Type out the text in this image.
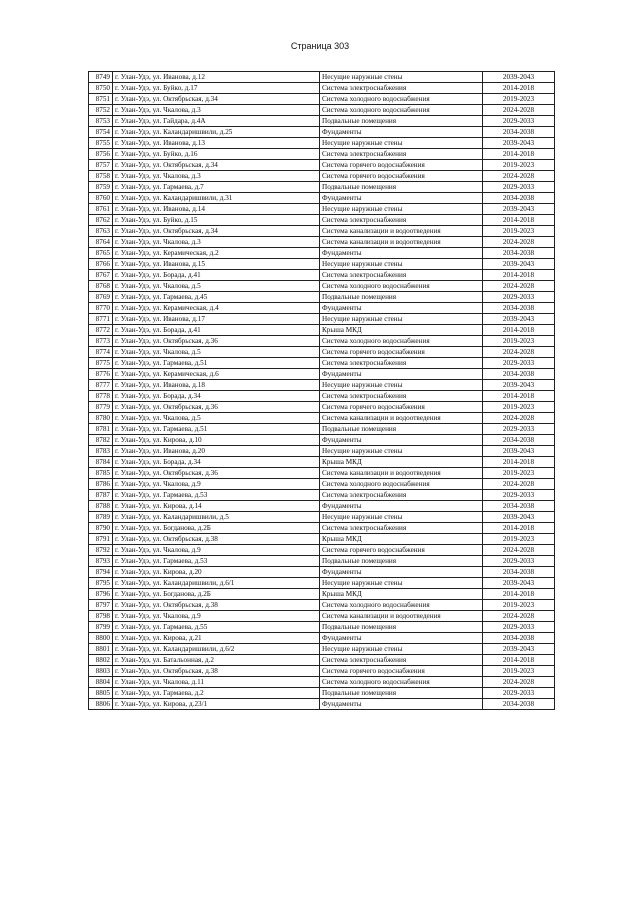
Страница 303
8749	г. Улан-Удэ, ул. Иванова, д.12	Несущие наружные стены	2039-2043
8750	г. Улан-Удэ, ул. Буйко, д.17	Система электроснабжения	2014-2018
8751	г. Улан-Удэ, ул. Октябрьская, д.34	Система холодного водоснабжения	2019-2023
8752	г. Улан-Удэ, ул. Чкалова, д.3	Система холодного водоснабжения	2024-2028
8753	г. Улан-Удэ, ул. Гайдара, д.4А	Подвальные помещения	2029-2033
8754	г. Улан-Удэ, ул. Каландаришвили, д.25	Фундаменты	2034-2038
8755	г. Улан-Удэ, ул. Иванова, д.13	Несущие наружные стены	2039-2043
8756	г. Улан-Удэ, ул. Буйко, д.16	Система электроснабжения	2014-2018
8757	г. Улан-Удэ, ул. Октябрьская, д.34	Система горячего водоснабжения	2019-2023
8758	г. Улан-Удэ, ул. Чкалова, д.3	Система горячего водоснабжения	2024-2028
8759	г. Улан-Удэ, ул. Гармаева, д.7	Подвальные помещения	2029-2033
8760	г. Улан-Удэ, ул. Каландаришвили, д.31	Фундаменты	2034-2038
8761	г. Улан-Удэ, ул. Иванова, д.14	Несущие наружные стены	2039-2043
8762	г. Улан-Удэ, ул. Буйко, д.15	Система электроснабжения	2014-2018
8763	г. Улан-Удэ, ул. Октябрьская, д.34	Система канализации и водоотведения	2019-2023
8764	г. Улан-Удэ, ул. Чкалова, д.3	Система канализации и водоотведения	2024-2028
8765	г. Улан-Удэ, ул. Керамическая, д.2	Фундаменты	2034-2038
8766	г. Улан-Удэ, ул. Иванова, д.15	Несущие наружные стены	2039-2043
8767	г. Улан-Удэ, ул. Борада, д.41	Система электроснабжения	2014-2018
8768	г. Улан-Удэ, ул. Чкалова, д.5	Система холодного водоснабжения	2024-2028
8769	г. Улан-Удэ, ул. Гармаева, д.45	Подвальные помещения	2029-2033
8770	г. Улан-Удэ, ул. Керамическая, д.4	Фундаменты	2034-2038
8771	г. Улан-Удэ, ул. Иванова, д.17	Несущие наружные стены	2039-2043
8772	г. Улан-Удэ, ул. Борада, д.41	Крыша МКД	2014-2018
8773	г. Улан-Удэ, ул. Октябрьская, д.36	Система холодного водоснабжения	2019-2023
8774	г. Улан-Удэ, ул. Чкалова, д.5	Система горячего водоснабжения	2024-2028
8775	г. Улан-Удэ, ул. Гармаева, д.51	Система электроснабжения	2029-2033
8776	г. Улан-Удэ, ул. Керамическая, д.6	Фундаменты	2034-2038
8777	г. Улан-Удэ, ул. Иванова, д.18	Несущие наружные стены	2039-2043
8778	г. Улан-Удэ, ул. Борада, д.34	Система электроснабжения	2014-2018
8779	г. Улан-Удэ, ул. Октябрьская, д.36	Система горячего водоснабжения	2019-2023
8780	г. Улан-Удэ, ул. Чкалова, д.5	Система канализации и водоотведения	2024-2028
8781	г. Улан-Удэ, ул. Гармаева, д.51	Подвальные помещения	2029-2033
8782	г. Улан-Удэ, ул. Кирова, д.10	Фундаменты	2034-2038
8783	г. Улан-Удэ, ул. Иванова, д.20	Несущие наружные стены	2039-2043
8784	г. Улан-Удэ, ул. Борада, д.34	Крыша МКД	2014-2018
8785	г. Улан-Удэ, ул. Октябрьская, д.36	Система канализации и водоотведения	2019-2023
8786	г. Улан-Удэ, ул. Чкалова, д.9	Система холодного водоснабжения	2024-2028
8787	г. Улан-Удэ, ул. Гармаева, д.53	Система электроснабжения	2029-2033
8788	г. Улан-Удэ, ул. Кирова, д.14	Фундаменты	2034-2038
8789	г. Улан-Удэ, ул. Каландаришвили, д.5	Несущие наружные стены	2039-2043
8790	г. Улан-Удэ, ул. Богданова, д.2Б	Система электроснабжения	2014-2018
8791	г. Улан-Удэ, ул. Октябрьская, д.38	Крыша МКД	2019-2023
8792	г. Улан-Удэ, ул. Чкалова, д.9	Система горячего водоснабжения	2024-2028
8793	г. Улан-Удэ, ул. Гармаева, д.53	Подвальные помещения	2029-2033
8794	г. Улан-Удэ, ул. Кирова, д.20	Фундаменты	2034-2038
8795	г. Улан-Удэ, ул. Каландаришвили, д.6/1	Несущие наружные стены	2039-2043
8796	г. Улан-Удэ, ул. Богданова, д.2Б	Крыша МКД	2014-2018
8797	г. Улан-Удэ, ул. Октябрьская, д.38	Система холодного водоснабжения	2019-2023
8798	г. Улан-Удэ, ул. Чкалова, д.9	Система канализации и водоотведения	2024-2028
8799	г. Улан-Удэ, ул. Гармаева, д.55	Подвальные помещения	2029-2033
8800	г. Улан-Удэ, ул. Кирова, д.21	Фундаменты	2034-2038
8801	г. Улан-Удэ, ул. Каландаришвили, д.6/2	Несущие наружные стены	2039-2043
8802	г. Улан-Удэ, ул. Батальонная, д.2	Система электроснабжения	2014-2018
8803	г. Улан-Удэ, ул. Октябрьская, д.38	Система горячего водоснабжения	2019-2023
8804	г. Улан-Удэ, ул. Чкалова, д.11	Система холодного водоснабжения	2024-2028
8805	г. Улан-Удэ, ул. Гармаева, д.2	Подвальные помещения	2029-2033
8806	г. Улан-Удэ, ул. Кирова, д.23/1	Фундаменты	2034-2038
